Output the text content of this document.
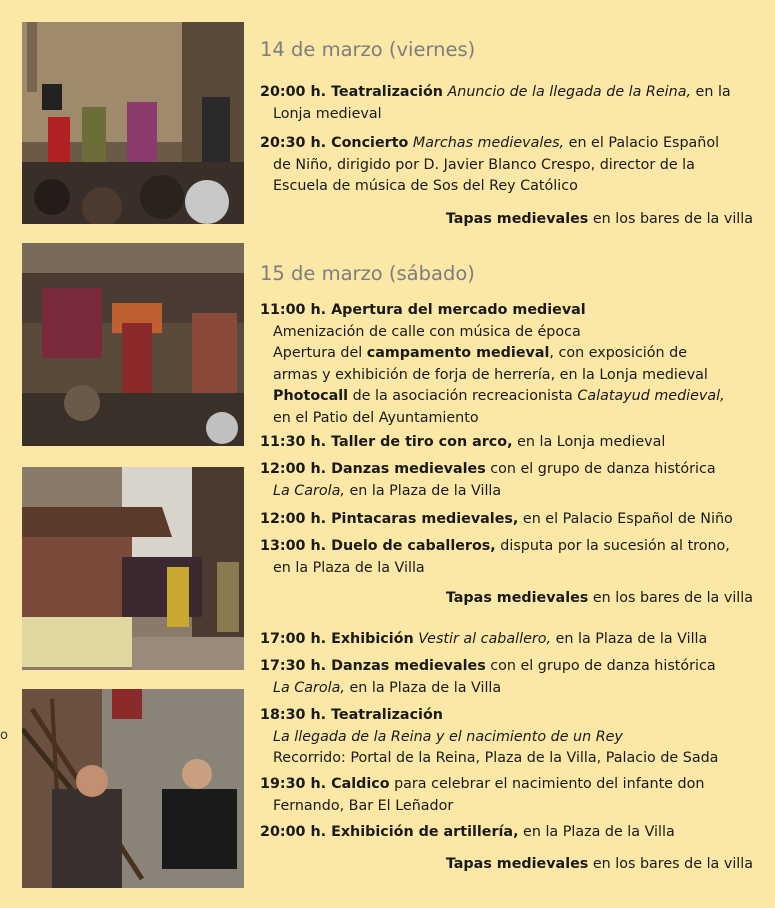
o
14 de marzo (viernes)
20:00 h. Teatralización Anuncio de la llegada de la Reina, en la
Lonja medieval
20:30 h. Concierto Marchas medievales, en el Palacio Español
de Niño, dirigido por D. Javier Blanco Crespo, director de la
Escuela de música de Sos del Rey Católico
Tapas medievales en los bares de la villa
15 de marzo (sábado)
11:00 h. Apertura del mercado medieval
Amenización de calle con música de época
Apertura del campamento medieval, con exposición de
armas y exhibición de forja de herrería, en la Lonja medieval
Photocall de la asociación recreacionista Calatayud medieval,
en el Patio del Ayuntamiento
11:30 h. Taller de tiro con arco, en la Lonja medieval
12:00 h. Danzas medievales con el grupo de danza histórica
La Carola, en la Plaza de la Villa
12:00 h. Pintacaras medievales, en el Palacio Español de Niño
13:00 h. Duelo de caballeros, disputa por la sucesión al trono,
en la Plaza de la Villa
Tapas medievales en los bares de la villa
17:00 h. Exhibición Vestir al caballero, en la Plaza de la Villa
17:30 h. Danzas medievales con el grupo de danza histórica
La Carola, en la Plaza de la Villa
18:30 h. Teatralización
La llegada de la Reina y el nacimiento de un Rey
Recorrido: Portal de la Reina, Plaza de la Villa, Palacio de Sada
19:30 h. Caldico para celebrar el nacimiento del infante don
Fernando, Bar El Leñador
20:00 h. Exhibición de artillería, en la Plaza de la Villa
Tapas medievales en los bares de la villa
